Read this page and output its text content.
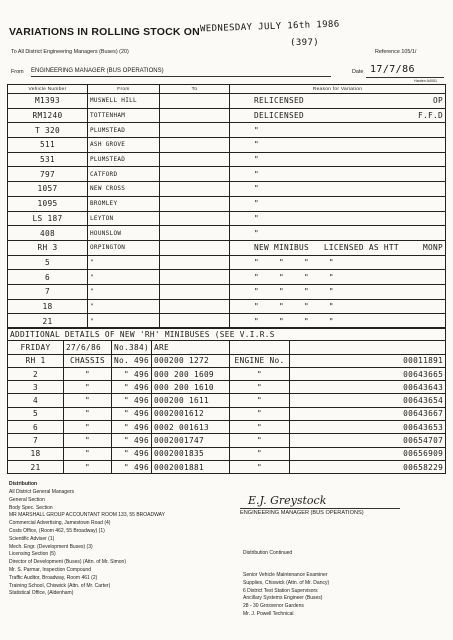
VARIATIONS IN ROLLING STOCK ON WEDNESDAY JULY 16th 1986
(397)
To All District Engineering Managers (Buses) (20)	Reference 105/1/
From ENGINEERING MANAGER (BUS OPERATIONS)	Date 17/7/86
Harden A4051
Vehicle Number	From	To	Reason for Variation
M1393	MUSWELL HILL		RELICENSED OP

RM1240	TOTTENHAM		DELICENSED F.F.D

T 320	PLUMSTEAD		"

511	ASH GROVE		"

531	PLUMSTEAD		"

797	CATFORD		"

1057	NEW CROSS		"

1095	BROMLEY		"

LS 187	LEYTON		"

408	HOUNSLOW		"

RH 3	ORPINGTON		NEW MINIBUS   LICENSED AS HTT MONP

5	"		"    "    "    "

6	"		"    "    "    "

7	"		"    "    "    "

18	"		"    "    "    "

21	"		"    "    "    "
ADDITIONAL DETAILS OF NEW 'RH' MINIBUSES (SEE V.I.R.S					
FRIDAY	27/6/86	No.384)	ARE		
RH 1	CHASSIS	No. 496	000200 1272	ENGINE No.	00011891
2	"	" 496	000 200 1609	"	00643665
3	"	" 496	000 200 1610	"	00643643
4	"	" 496	000200 1611	"	00643654
5	"	" 496	0002001612	"	00643667
6	"	" 496	0002 001613	"	00643653
7	"	" 496	0002001747	"	00654707
18	"	" 496	0002001835	"	00656909
21	"	" 496	0002001881	"	00658229
Distribution
All District General Managers
General Section
Body Spec. Section
MR MARSHALL GROUP ACCOUNTANT ROOM 133, 55 BROADWAY
Commercial Advertising, Jamestown Road (4)
Costs Office, (Room 462, 55 Broadway) (1)
Scientific Adviser (1)
Mech. Engr. (Development Buses) (3)
Licensing Section (5)
Director of Development (Buses) (Attn. of Mr. Simon)
Mr. S. Parmar, Inspection Compound
Traffic Auditor, Broadway, Room 461 (2)
Training School, Chiswick (Attn. of Mr. Carter)
Statistical Office, (Aldenham)
E.J. Greystock
ENGINEERING MANAGER (BUS OPERATIONS)
Distribution Continued
Senior Vehicle Maintenance Examiner
Supplies, Chiswick (Attn. of Mr. Dancy)
6 District Test Station Supervisors
Ancillary Systems Engineer (Buses)
28 - 30 Grosvenor Gardens
Mr. J. Powell Technical
